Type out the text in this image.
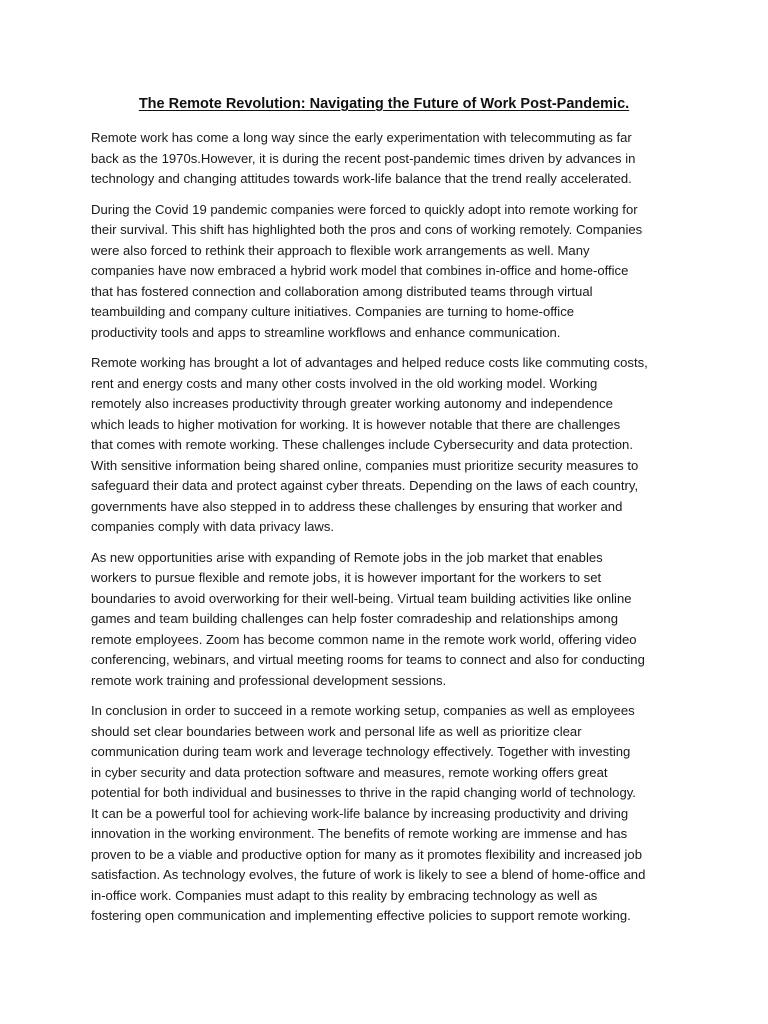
The Remote Revolution: Navigating the Future of Work Post-Pandemic.

Remote work has come a long way since the early experimentation with telecommuting as far
back as the 1970s.However, it is during the recent post-pandemic times driven by advances in
technology and changing attitudes towards work-life balance that the trend really accelerated.

During the Covid 19 pandemic companies were forced to quickly adopt into remote working for
their survival. This shift has highlighted both the pros and cons of working remotely. Companies
were also forced to rethink their approach to flexible work arrangements as well. Many
companies have now embraced a hybrid work model that combines in-office and home-office
that has fostered connection and collaboration among distributed teams through virtual
teambuilding and company culture initiatives. Companies are turning to home-office
productivity tools and apps to streamline workflows and enhance communication.

Remote working has brought a lot of advantages and helped reduce costs like commuting costs,
rent and energy costs and many other costs involved in the old working model. Working
remotely also increases productivity through greater working autonomy and independence
which leads to higher motivation for working. It is however notable that there are challenges
that comes with remote working. These challenges include Cybersecurity and data protection.
With sensitive information being shared online, companies must prioritize security measures to
safeguard their data and protect against cyber threats. Depending on the laws of each country,
governments have also stepped in to address these challenges by ensuring that worker and
companies comply with data privacy laws.

As new opportunities arise with expanding of Remote jobs in the job market that enables
workers to pursue flexible and remote jobs, it is however important for the workers to set
boundaries to avoid overworking for their well-being. Virtual team building activities like online
games and team building challenges can help foster comradeship and relationships among
remote employees. Zoom has become common name in the remote work world, offering video
conferencing, webinars, and virtual meeting rooms for teams to connect and also for conducting
remote work training and professional development sessions.

In conclusion in order to succeed in a remote working setup, companies as well as employees
should set clear boundaries between work and personal life as well as prioritize clear
communication during team work and leverage technology effectively. Together with investing
in cyber security and data protection software and measures, remote working offers great
potential for both individual and businesses to thrive in the rapid changing world of technology.
It can be a powerful tool for achieving work-life balance by increasing productivity and driving
innovation in the working environment. The benefits of remote working are immense and has
proven to be a viable and productive option for many as it promotes flexibility and increased job
satisfaction. As technology evolves, the future of work is likely to see a blend of home-office and
in-office work. Companies must adapt to this reality by embracing technology as well as
fostering open communication and implementing effective policies to support remote working.
